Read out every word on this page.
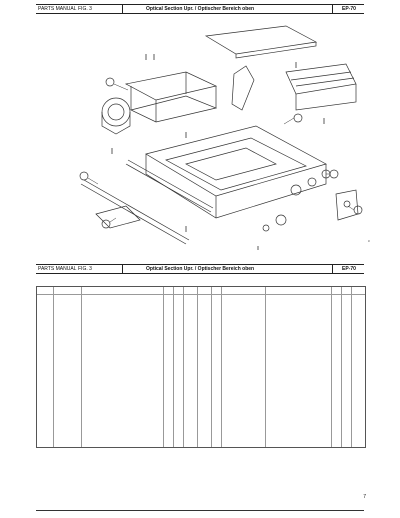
PARTS MANUAL FIG. 3	Optical Section Upr. / Optischer Bereich oben	EP-70
c
PARTS MANUAL FIG. 3	Optical Section Upr. / Optischer Bereich oben	EP-70
7
